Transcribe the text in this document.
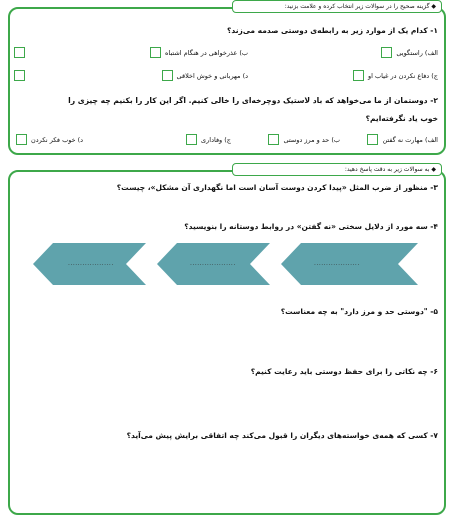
◆ گزینه صحیح را در سوالات زیر انتخاب کرده و علامت بزنید:
۱- کدام یک از موارد زیر به رابطه‌ی دوستی صدمه می‌زند؟
الف) راستگویی
ب) عذرخواهی در هنگام اشتباه
ج) دفاع نکردن در غیاب او
د) مهربانی و خوش اخلاقی
۲- دوستمان از ما می‌خواهد که باد لاستیک دوچرخه‌ای را خالی کنیم. اگر این کار را بکنیم چه چیزی را
خوب یاد نگرفته‌ایم؟
الف) مهارت نه گفتن
ب) حد و مرز دوستی
ج) وفاداری
د) خوب فکر نکردن
◆ به سوالات زیر به دقت پاسخ دهید:
۳- منظور از ضرب المثل «پیدا کردن دوست آسان است اما نگهداری آن مشکل»، چیست؟
۴- سه مورد از دلایل سختی «نه گفتن» در روابط دوستانه را بنویسید؟
...................	...................	...................
۵- "دوستی حد و مرز دارد" به چه معناست؟
۶- چه نکاتی را برای حفظ دوستی باید رعایت کنیم؟
۷- کسی که همه‌ی خواسته‌های دیگران را قبول می‌کند چه اتفاقی برایش پیش می‌آید؟
